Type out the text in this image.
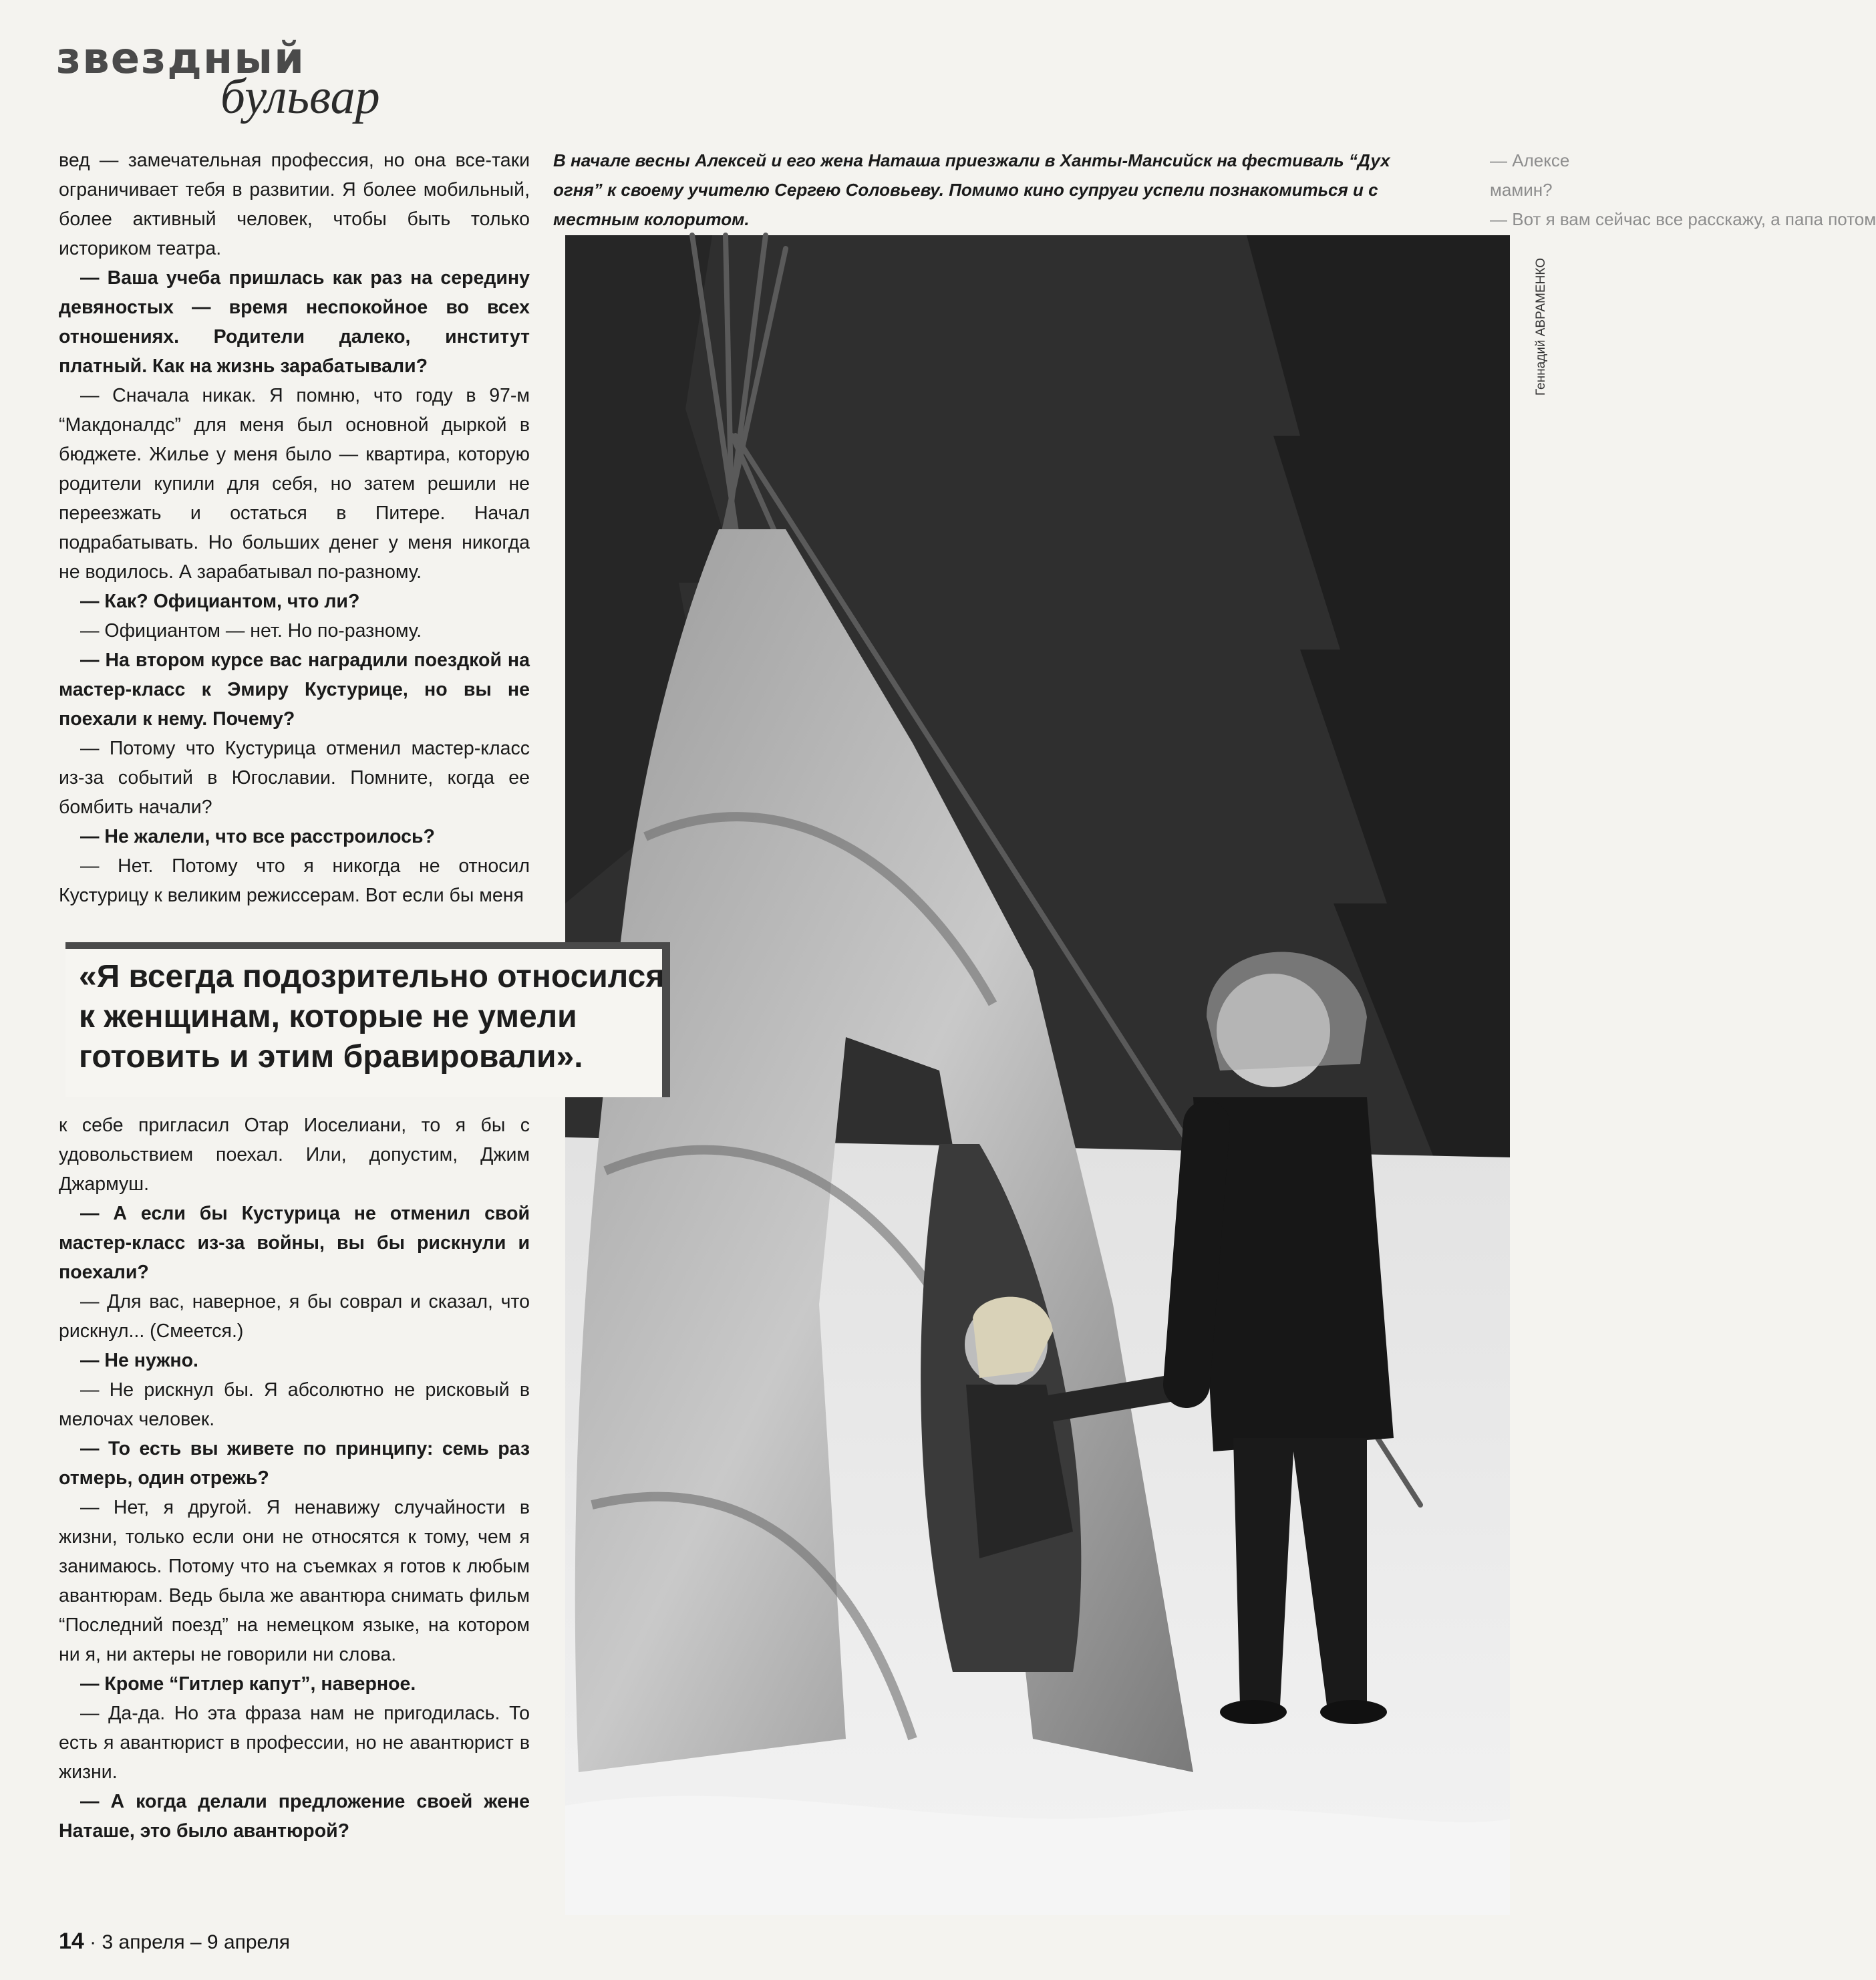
звездный
бульвар

вед — замечательная профессия, но она все-таки ограничивает тебя в развитии. Я более мобильный, более активный человек, чтобы быть только историком театра.

— Ваша учеба пришлась как раз на середину девяностых — время неспокойное во всех отношениях. Родители далеко, институт платный. Как на жизнь зарабатывали?

— Сначала никак. Я помню, что году в 97-м “Макдоналдс” для меня был основной дыркой в бюджете. Жилье у меня было — квартира, которую родители купили для себя, но затем решили не переезжать и остаться в Питере. Начал подрабатывать. Но больших денег у меня никогда не водилось. А зарабатывал по-разному.

— Как? Официантом, что ли?

— Официантом — нет. Но по-разному.

— На втором курсе вас наградили поездкой на мастер-класс к Эмиру Кустурице, но вы не поехали к нему. Почему?

— Потому что Кустурица отменил мастер-класс из-за событий в Югославии. Помните, когда ее бомбить начали?

— Не жалели, что все расстроилось?

— Нет. Потому что я никогда не относил Кустурицу к великим режиссерам. Вот если бы меня

— Алексе
мамин?
— Вот я вам сейчас все расскажу, а папа потом
В начале весны Алексей и его жена Наташа приезжали в Ханты-Мансийск на фестиваль “Дух огня” к своему учителю Сергею Соловьеву. Помимо кино супруги успели познакомиться и с местным колоритом.
Геннадий АВРАМЕНКО
«Я всегда подозрительно относился к женщинам, которые не умели готовить и этим бравировали».

к себе пригласил Отар Иоселиани, то я бы с удовольствием поехал. Или, допустим, Джим Джармуш.

— А если бы Кустурица не отменил свой мастер-класс из-за войны, вы бы рискнули и поехали?

— Для вас, наверное, я бы соврал и сказал, что рискнул... (Смеется.)

— Не нужно.

— Не рискнул бы. Я абсолютно не рисковый в мелочах человек.

— То есть вы живете по принципу: семь раз отмерь, один отрежь?

— Нет, я другой. Я ненавижу случайности в жизни, только если они не относятся к тому, чем я занимаюсь. Потому что на съемках я готов к любым авантюрам. Ведь была же авантюра снимать фильм “Последний поезд” на немецком языке, на котором ни я, ни актеры не говорили ни слова.

— Кроме “Гитлер капут”, наверное.

— Да-да. Но эта фраза нам не пригодилась. То есть я авантюрист в профессии, но не авантюрист в жизни.

— А когда делали предложение своей жене Наташе, это было авантюрой?

14 · 3 апреля – 9 апреля
